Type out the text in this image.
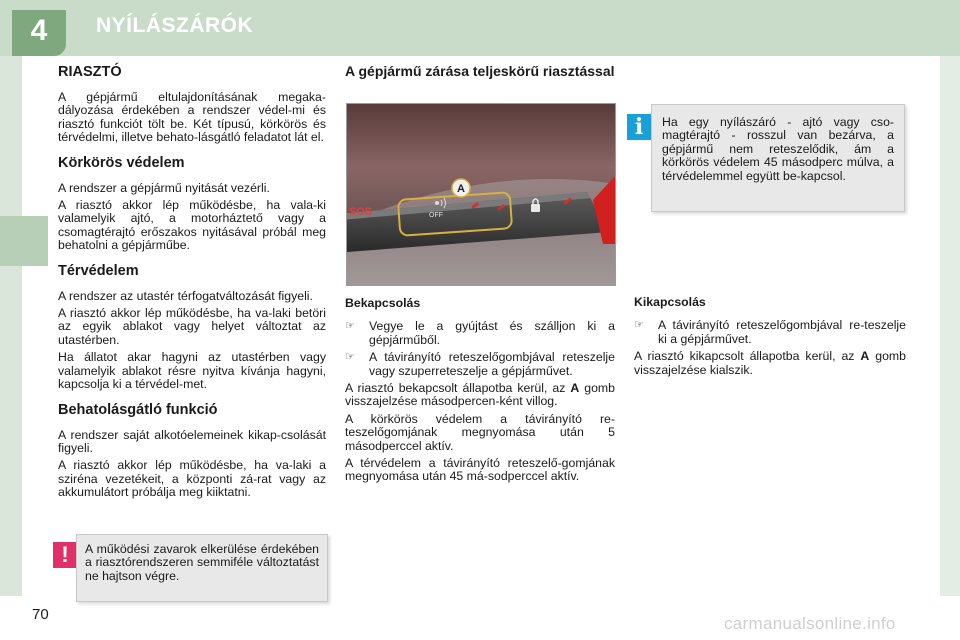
4	NYÍLÁSZÁRÓK
RIASZTÓ

A gépjármű eltulajdonításának megaka-dályozása érdekében a rendszer védel-mi és riasztó funkciót tölt be. Két típusú, körkörös és térvédelmi, illetve behato-lásgátló feladatot lát el.

Körkörös védelem

A rendszer a gépjármű nyitását vezérli.

A riasztó akkor lép működésbe, ha vala-ki valamelyik ajtó, a motorháztető vagy a csomagtérajtó erőszakos nyitásával próbál meg behatolni a gépjárműbe.

Térvédelem

A rendszer az utastér térfogatváltozását figyeli.

A riasztó akkor lép működésbe, ha va-laki betöri az egyik ablakot vagy helyet változtat az utastérben.

Ha állatot akar hagyni az utastérben vagy valamelyik ablakot résre nyitva kívánja hagyni, kapcsolja ki a térvédel-met.

Behatolásgátló funkció

A rendszer saját alkotóelemeinek kikap-csolását figyeli.

A riasztó akkor lép működésbe, ha va-laki a sziréna vezetékeit, a központi zá-rat vagy az akkumulátort próbálja meg kiiktatni.

A gépjármű zárása teljeskörű riasztással
SOS	OFF
A
Bekapcsolás
☞	Vegye le a gyújtást és szálljon ki a gépjárműből.
☞	A távirányító reteszelőgombjával reteszelje vagy szuperreteszelje a gépjárművet.

A riasztó bekapcsolt állapotba kerül, az A gomb visszajelzése másodpercen-ként villog.

A körkörös védelem a távirányító re-teszelőgomjának megnyomása után 5 másodperccel aktív.

A térvédelem a távirányító reteszelő-gomjának megnyomása után 45 má-sodperccel aktív.

i	Ha egy nyílászáró - ajtó vagy cso-magtérajtó - rosszul van bezárva, a gépjármű nem reteszelődik, ám a körkörös védelem 45 másodperc múlva, a térvédelemmel együtt be-kapcsol.

Kikapcsolás
☞	A távirányító reteszelőgombjával re-teszelje ki a gépjárművet.

A riasztó kikapcsolt állapotba kerül, az A gomb visszajelzése kialszik.

!	A működési zavarok elkerülése érdekében a riasztórendszeren semmiféle változtatást ne hajtson végre.

70	carmanualsonline.info
